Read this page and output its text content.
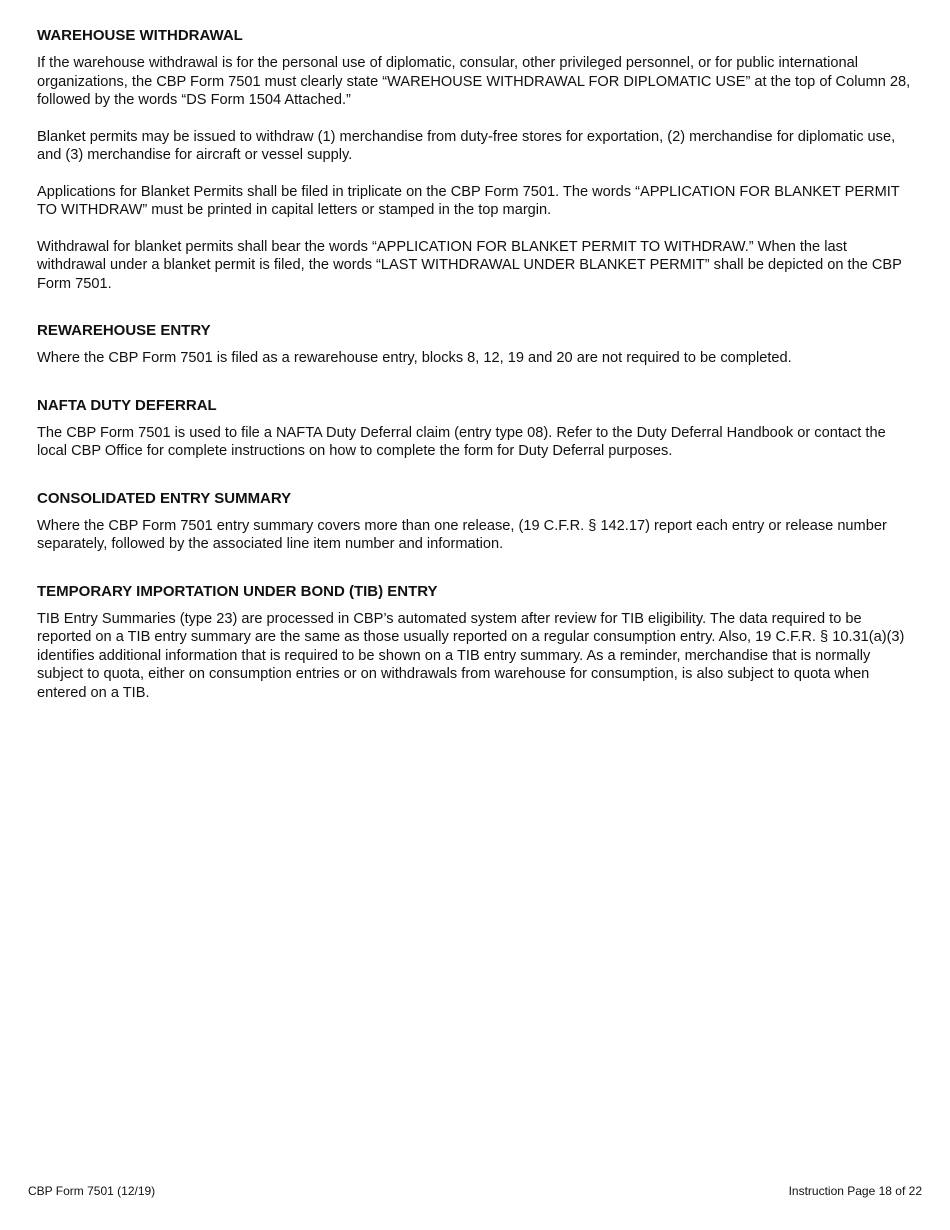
WAREHOUSE WITHDRAWAL

If the warehouse withdrawal is for the personal use of diplomatic, consular, other privileged personnel, or for public international organizations, the CBP Form 7501 must clearly state “WAREHOUSE WITHDRAWAL FOR DIPLOMATIC USE” at the top of Column 28, followed by the words “DS Form 1504 Attached.”

Blanket permits may be issued to withdraw (1) merchandise from duty-free stores for exportation, (2) merchandise for diplomatic use, and (3) merchandise for aircraft or vessel supply.

Applications for Blanket Permits shall be filed in triplicate on the CBP Form 7501. The words “APPLICATION FOR BLANKET PERMIT TO WITHDRAW” must be printed in capital letters or stamped in the top margin.

Withdrawal for blanket permits shall bear the words “APPLICATION FOR BLANKET PERMIT TO WITHDRAW.” When the last withdrawal under a blanket permit is filed, the words “LAST WITHDRAWAL UNDER BLANKET PERMIT” shall be depicted on the CBP Form 7501.

REWAREHOUSE ENTRY

Where the CBP Form 7501 is filed as a rewarehouse entry, blocks 8, 12, 19 and 20 are not required to be completed.

NAFTA DUTY DEFERRAL

The CBP Form 7501 is used to file a NAFTA Duty Deferral claim (entry type 08). Refer to the Duty Deferral Handbook or contact the local CBP Office for complete instructions on how to complete the form for Duty Deferral purposes.

CONSOLIDATED ENTRY SUMMARY

Where the CBP Form 7501 entry summary covers more than one release, (19 C.F.R. § 142.17) report each entry or release number separately, followed by the associated line item number and information.

TEMPORARY IMPORTATION UNDER BOND (TIB) ENTRY

TIB Entry Summaries (type 23) are processed in CBP’s automated system after review for TIB eligibility. The data required to be reported on a TIB entry summary are the same as those usually reported on a regular consumption entry. Also, 19 C.F.R. § 10.31(a)(3) identifies additional information that is required to be shown on a TIB entry summary. As a reminder, merchandise that is normally subject to quota, either on consumption entries or on withdrawals from warehouse for consumption, is also subject to quota when entered on a TIB.

CBP Form 7501 (12/19)	Instruction Page 18 of 22
